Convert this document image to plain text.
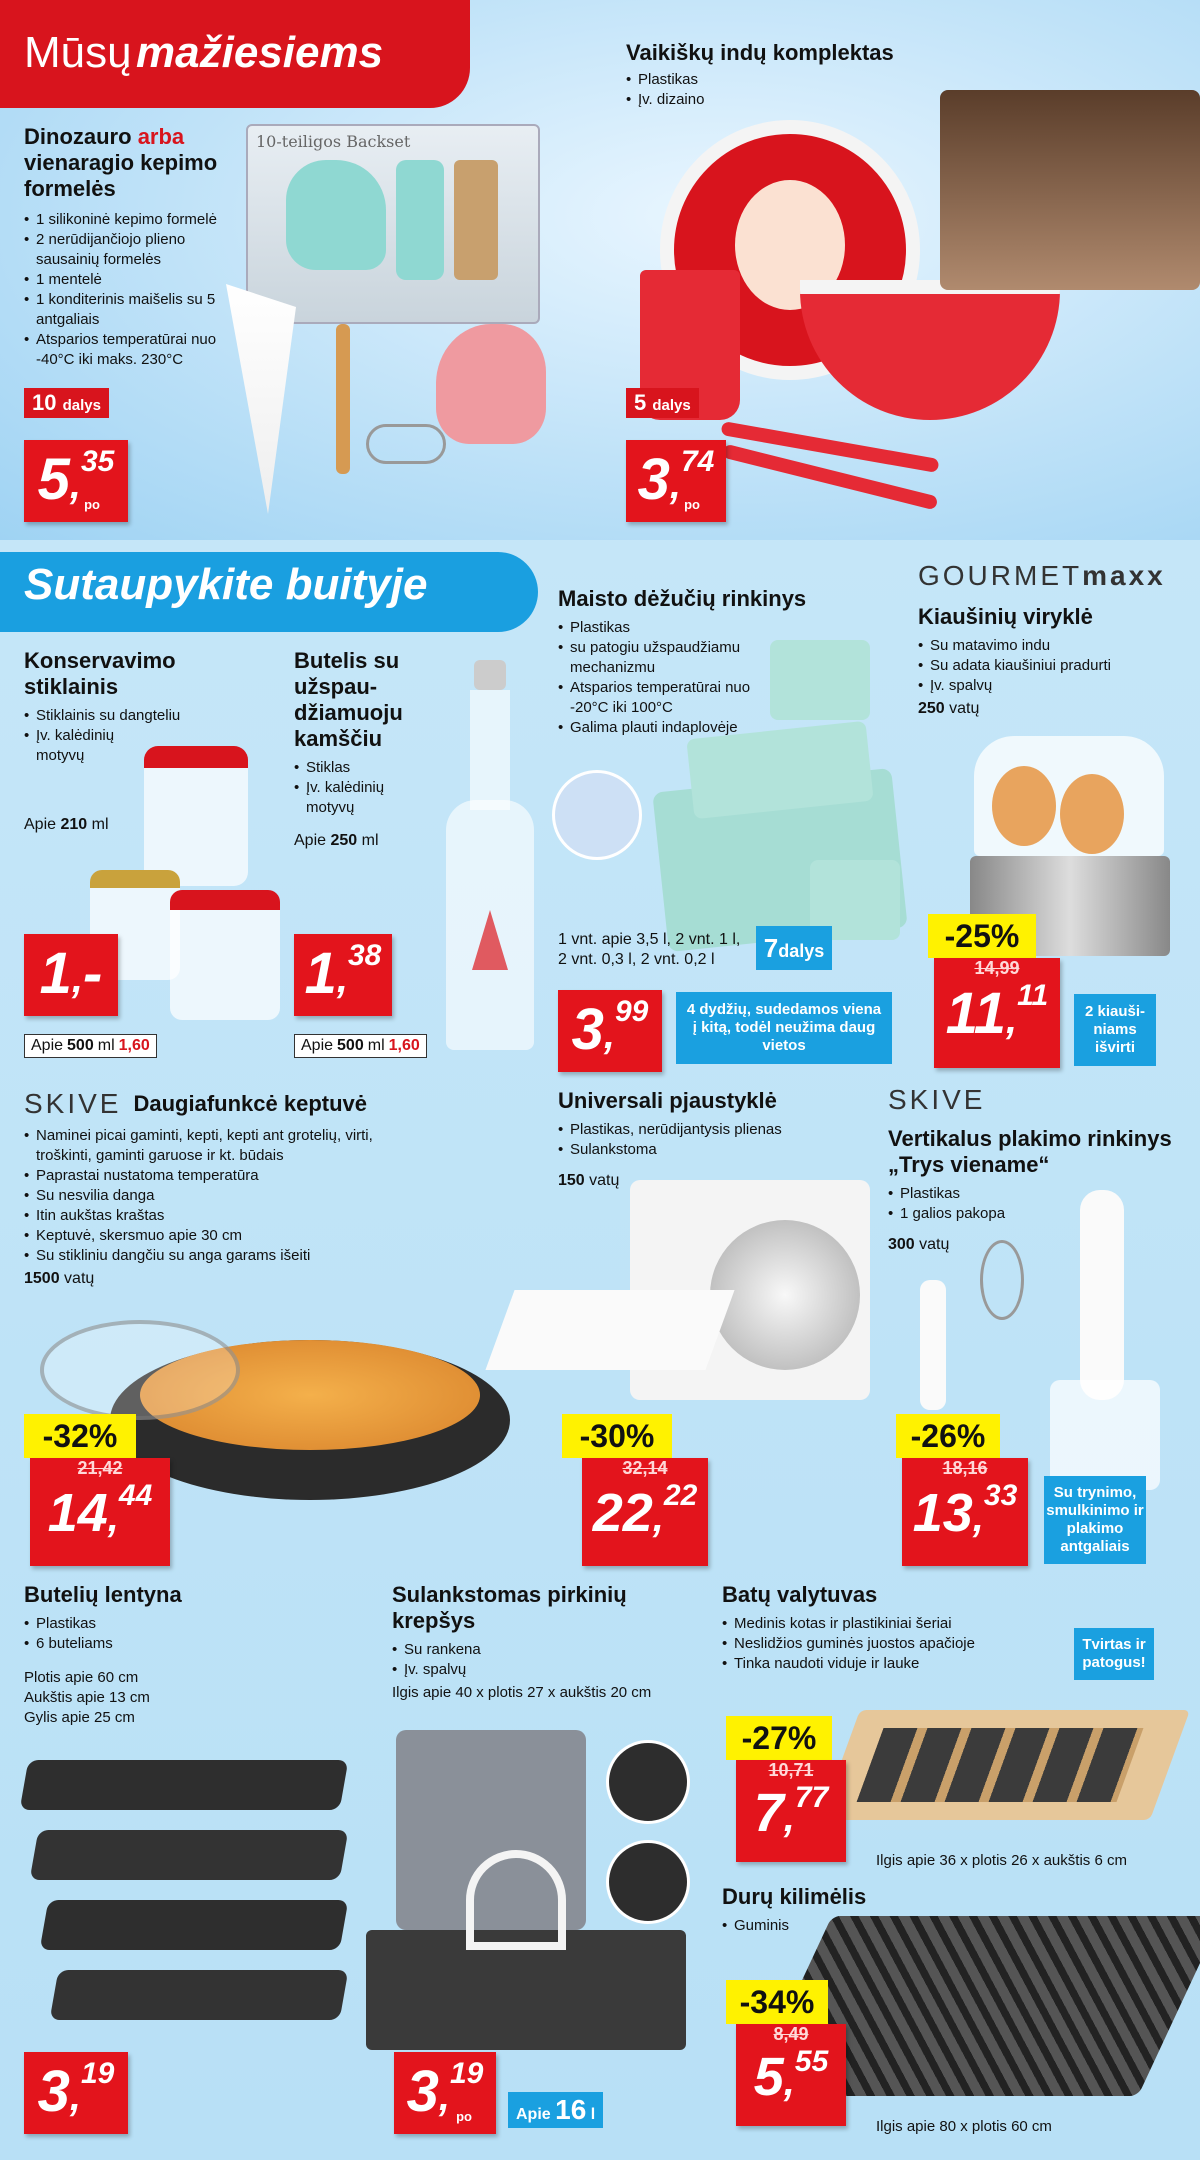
Mūsų mažiesiems
Dinozauro arba
vienaragio kepimo formelės
• 1 silikoninė kepimo formelė
• 2 nerūdijančiojo plieno sausainių formelės
• 1 mentelė
• 1 konditerinis maišelis su 5 antgaliais
• Atsparios temperatūrai nuo -40°C iki maks. 230°C
10 dalys
5 ,
35
po
10-teiligos Backset
Vaikiškų indų komplektas
• Plastikas
• Įv. dizaino
5 dalys
3 ,
74
po
Sutaupykite buityje
Konservavimo stiklainis
• Stiklainis su dangteliu
• Įv. kalėdinių motyvų
Apie 210 ml
1 , -
Apie 500 ml 1,60
Butelis su užspaudžiamuoju kamščiu
• Stiklas
• Įv. kalėdinių motyvų
Apie 250 ml
1 ,
38
Apie 500 ml 1,60
Maisto dėžučių rinkinys
• Plastikas
• su patogiu užspaudžiamu mechanizmu
• Atsparios temperatūrai nuo -20°C iki 100°C
• Galima plauti indaplovėje
1 vnt. apie 3,5 l, 2 vnt. 1 l,
2 vnt. 0,3 l, 2 vnt. 0,2 l	7dalys
3 ,
99	4 dydžių, sudedamos viena į kitą, todėl neužima daug vietos
GOURMETmaxx
Kiaušinių viryklė
• Su matavimo indu
• Su adata kiaušiniui pradurti
• Įv. spalvų
250 vatų
-25%
14,99
11,11	2 kiaušiniams išvirti
SKIVE Daugiafunkcė keptuvė
• Naminei picai gaminti, kepti, kepti ant grotelių, virti, troškinti, gaminti garuose ir kt. būdais
• Paprastai nustatoma temperatūra
• Su nesvilia danga
• Itin aukštas kraštas
• Keptuvė, skersmuo apie 30 cm
• Su stikliniu dangčiu su anga garams išeiti
1500 vatų
-32%
21,42
14,44
Universali pjaustyklė
• Plastikas, nerūdijantysis plienas
• Sulankstoma
150 vatų
-30%
32,14
22,22
SKIVE
Vertikalus plakimo rinkinys „Trys viename“
• Plastikas
• 1 galios pakopa
300 vatų
-26%
18,16
13,33	Su trynimo, smulkinimo ir plakimo antgaliais
Butelių lentyna
• Plastikas
• 6 buteliams
Plotis apie 60 cm
Aukštis apie 13 cm
Gylis apie 25 cm
3 ,
19
Sulankstomas pirkinių krepšys
• Su rankena
• Įv. spalvų
Ilgis apie 40 x plotis 27 x aukštis 20 cm
3 ,
19
po	Apie 16 l
Batų valytuvas
• Medinis kotas ir plastikiniai šeriai
• Neslidžios guminės juostos apačioje
• Tinka naudoti viduje ir lauke
Tvirtas ir patogus!
-27%
10,71
7,77
Ilgis apie 36 x plotis 26 x aukštis 6 cm
Durų kilimėlis
• Guminis
-34%
8,49
5,55
Ilgis apie 80 x plotis 60 cm
